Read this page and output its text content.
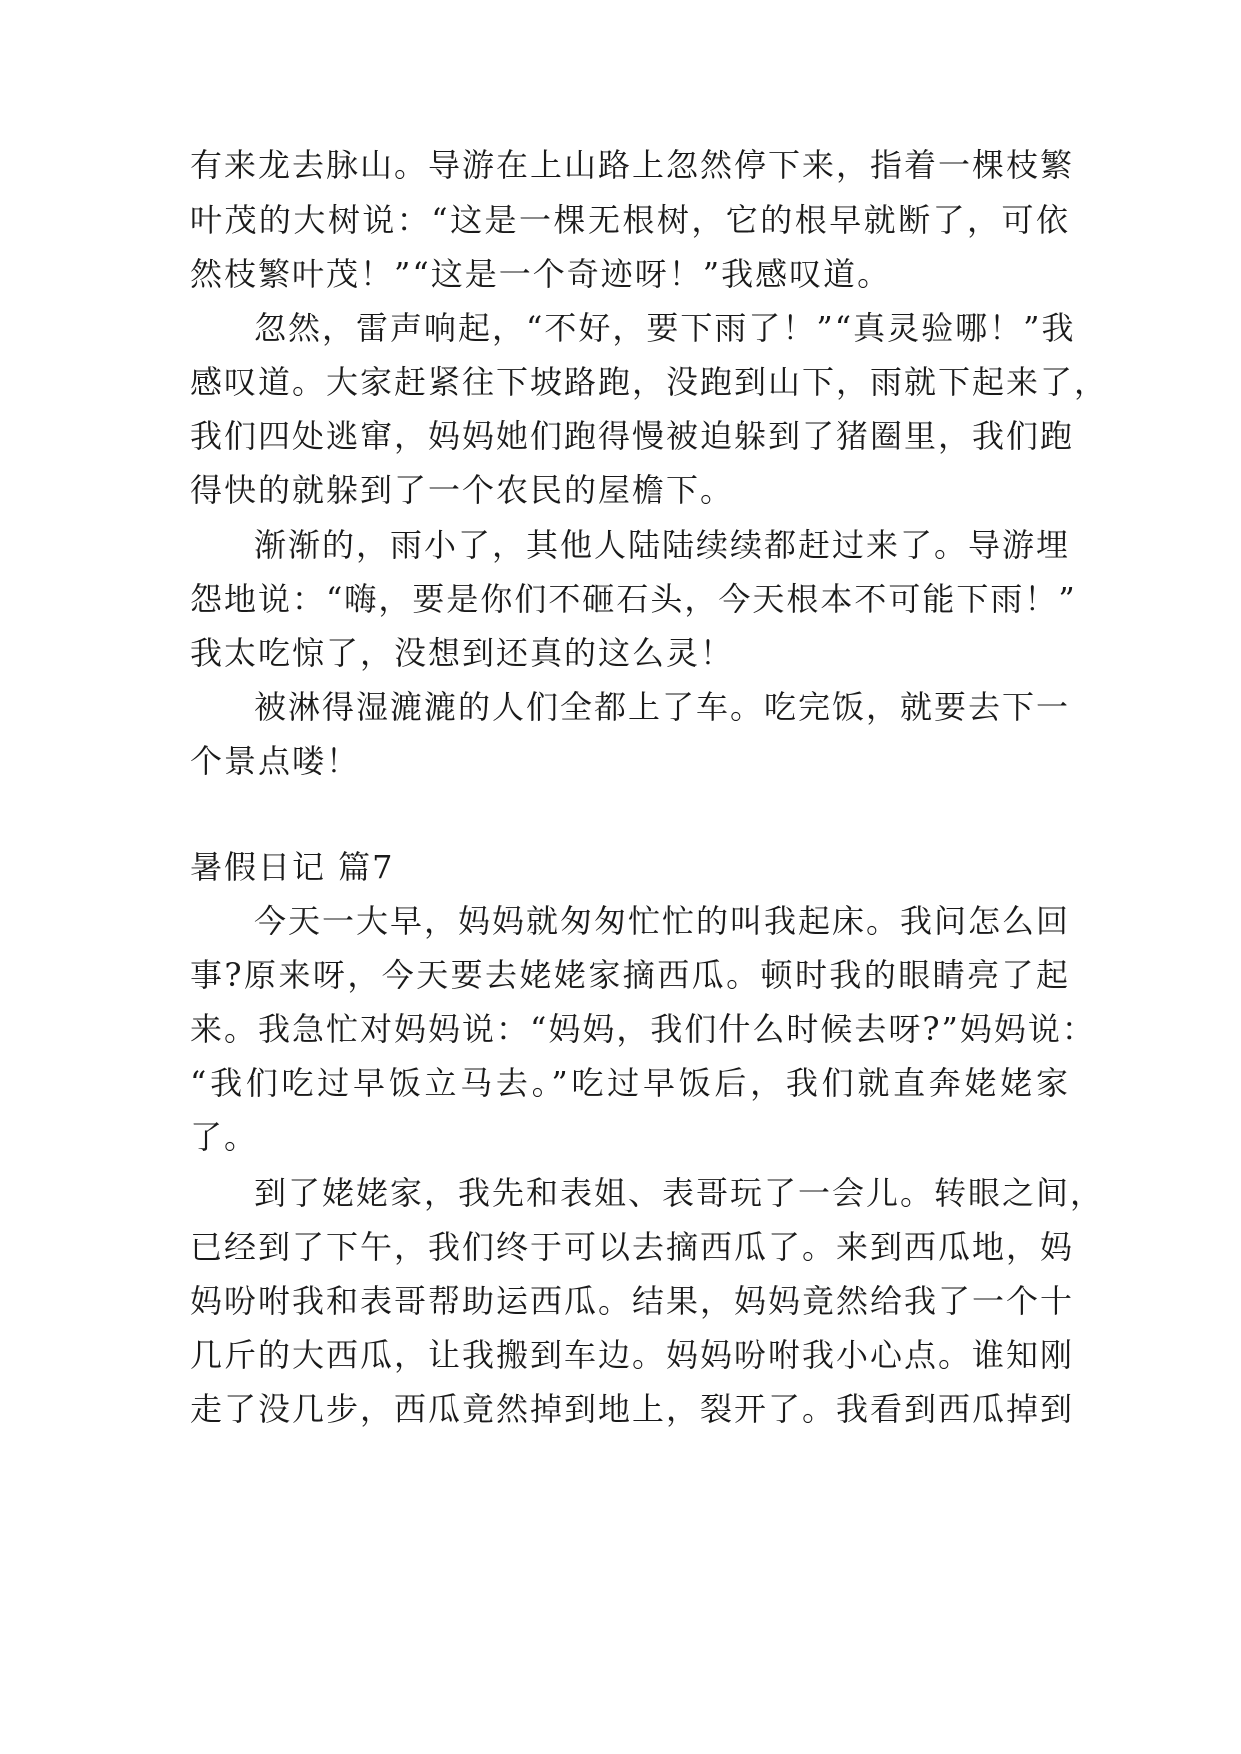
有来龙去脉山。导游在上山路上忽然停下来，指着一棵枝繁
叶茂的大树说：“这是一棵无根树，它的根早就断了，可依
然枝繁叶茂！”“这是一个奇迹呀！”我感叹道。
忽然，雷声响起，“不好，要下雨了！”“真灵验哪！”我
感叹道。大家赶紧往下坡路跑，没跑到山下，雨就下起来了，
我们四处逃窜，妈妈她们跑得慢被迫躲到了猪圈里，我们跑
得快的就躲到了一个农民的屋檐下。
渐渐的，雨小了，其他人陆陆续续都赶过来了。导游埋
怨地说：“嗨，要是你们不砸石头，今天根本不可能下雨！”
我太吃惊了，没想到还真的这么灵！
被淋得湿漉漉的人们全都上了车。吃完饭，就要去下一
个景点喽！
暑假日记 篇7
今天一大早，妈妈就匆匆忙忙的叫我起床。我问怎么回
事?原来呀，今天要去姥姥家摘西瓜。顿时我的眼睛亮了起
来。我急忙对妈妈说：“妈妈，我们什么时候去呀?”妈妈说：
“我们吃过早饭立马去。”吃过早饭后，我们就直奔姥姥家
了。
到了姥姥家，我先和表姐、表哥玩了一会儿。转眼之间，
已经到了下午，我们终于可以去摘西瓜了。来到西瓜地，妈
妈吩咐我和表哥帮助运西瓜。结果，妈妈竟然给我了一个十
几斤的大西瓜，让我搬到车边。妈妈吩咐我小心点。谁知刚
走了没几步，西瓜竟然掉到地上，裂开了。我看到西瓜掉到
